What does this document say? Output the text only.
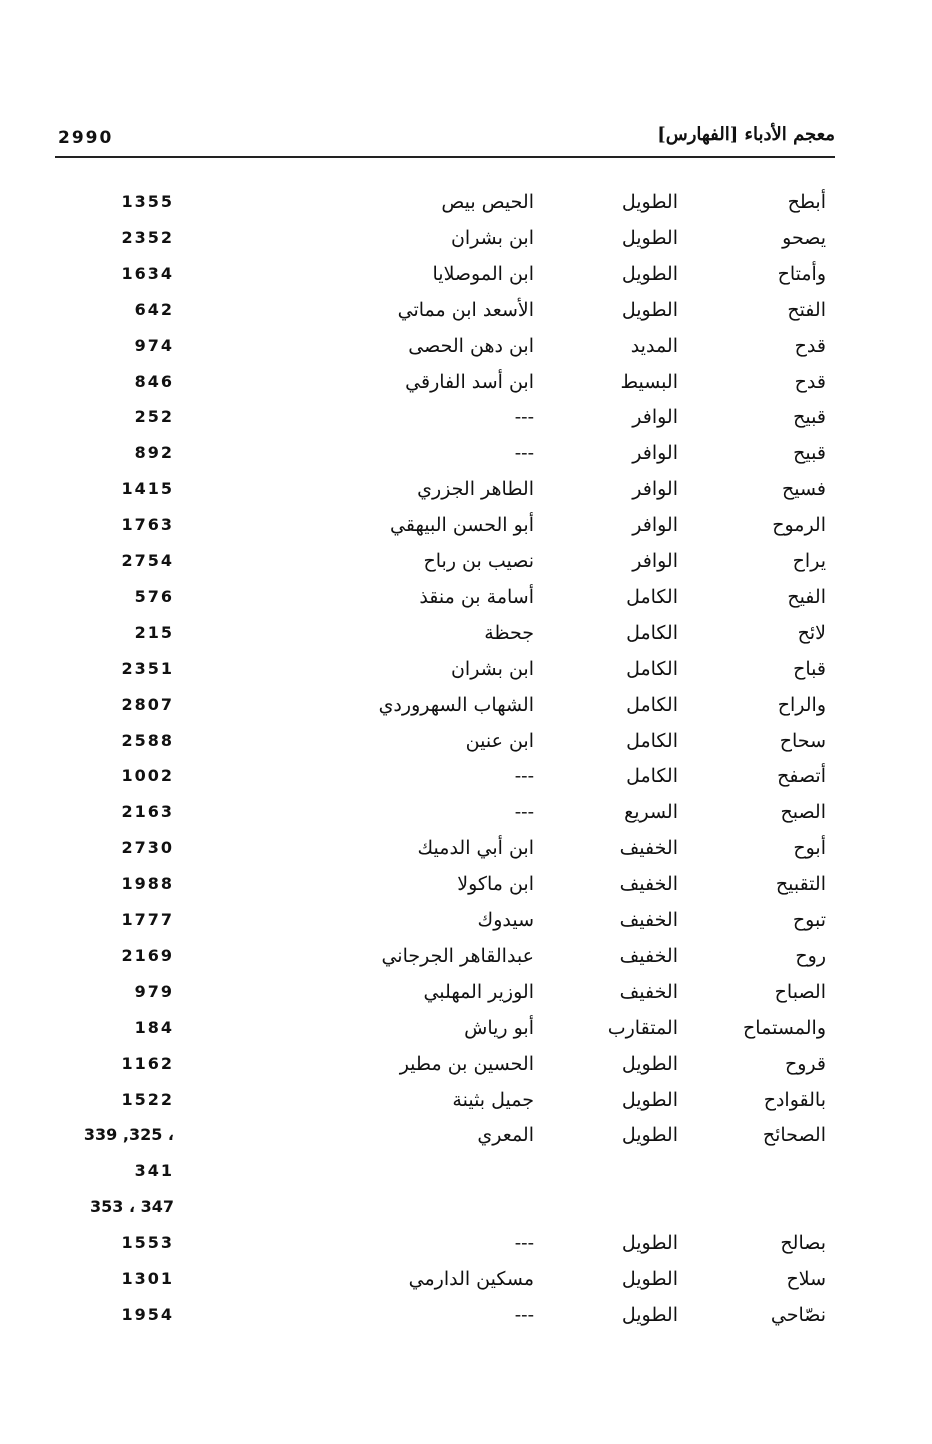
2990	معجم الأدباء [الفهارس]
أبطح
الطويل
الحيص بيص
1355
يصحو
الطويل
ابن بشران
2352
وأمتاح
الطويل
ابن الموصلايا
1634
الفتح
الطويل
الأسعد ابن مماتي
642
قدح
المديد
ابن دهن الحصى
974
قدح
البسيط
ابن أسد الفارقي
846
قبيح
الوافر
---
252
قبيح
الوافر
---
892
فسيح
الوافر
الطاهر الجزري
1415
الرموح
الوافر
أبو الحسن البيهقي
1763
يراح
الوافر
نصيب بن رباح
2754
الفيح
الكامل
أسامة بن منقذ
576
لائح
الكامل
جحظة
215
قباح
الكامل
ابن بشران
2351
والراح
الكامل
الشهاب السهروردي
2807
سحاح
الكامل
ابن عنين
2588
أتصفح
الكامل
---
1002
الصبح
السريع
---
2163
أبوح
الخفيف
ابن أبي الدميك
2730
التقبيح
الخفيف
ابن ماكولا
1988
تبوح
الخفيف
سيدوك
1777
روح
الخفيف
عبدالقاهر الجرجاني
2169
الصباح
الخفيف
الوزير المهلبي
979
والمستماح
المتقارب
أبو رياش
184
قروح
الطويل
الحسين بن مطير
1162
بالقوادح
الطويل
جميل بثينة
1522
الصحائح
الطويل
المعري
339 ,325 ،
341
353 ، 347
بصالح
الطويل
---
1553
سلاح
الطويل
مسكين الدارمي
1301
نصّاحي
الطويل
---
1954
